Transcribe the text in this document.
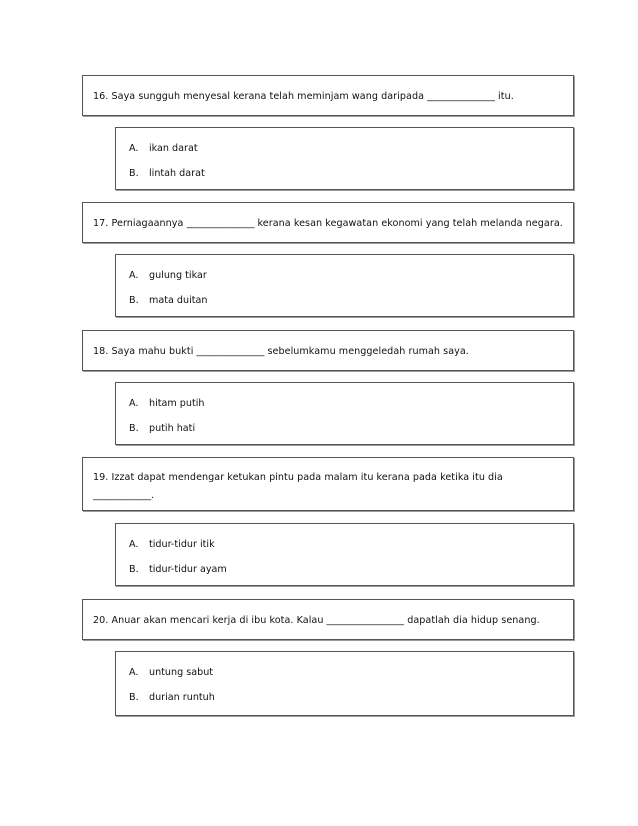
16. Saya sungguh menyesal kerana telah meminjam wang daripada ______________ itu.
A. ikan darat
B. lintah darat
17. Perniagaannya ______________ kerana kesan kegawatan ekonomi yang telah melanda negara.
A. gulung tikar
B. mata duitan
18. Saya mahu bukti ______________ sebelumkamu menggeledah rumah saya.
A. hitam putih
B. putih hati
19. Izzat dapat mendengar ketukan pintu pada malam itu kerana pada ketika itu dia
____________.
A. tidur-tidur itik
B. tidur-tidur ayam
20. Anuar akan mencari kerja di ibu kota. Kalau ________________ dapatlah dia hidup senang.
A. untung sabut
B. durian runtuh
